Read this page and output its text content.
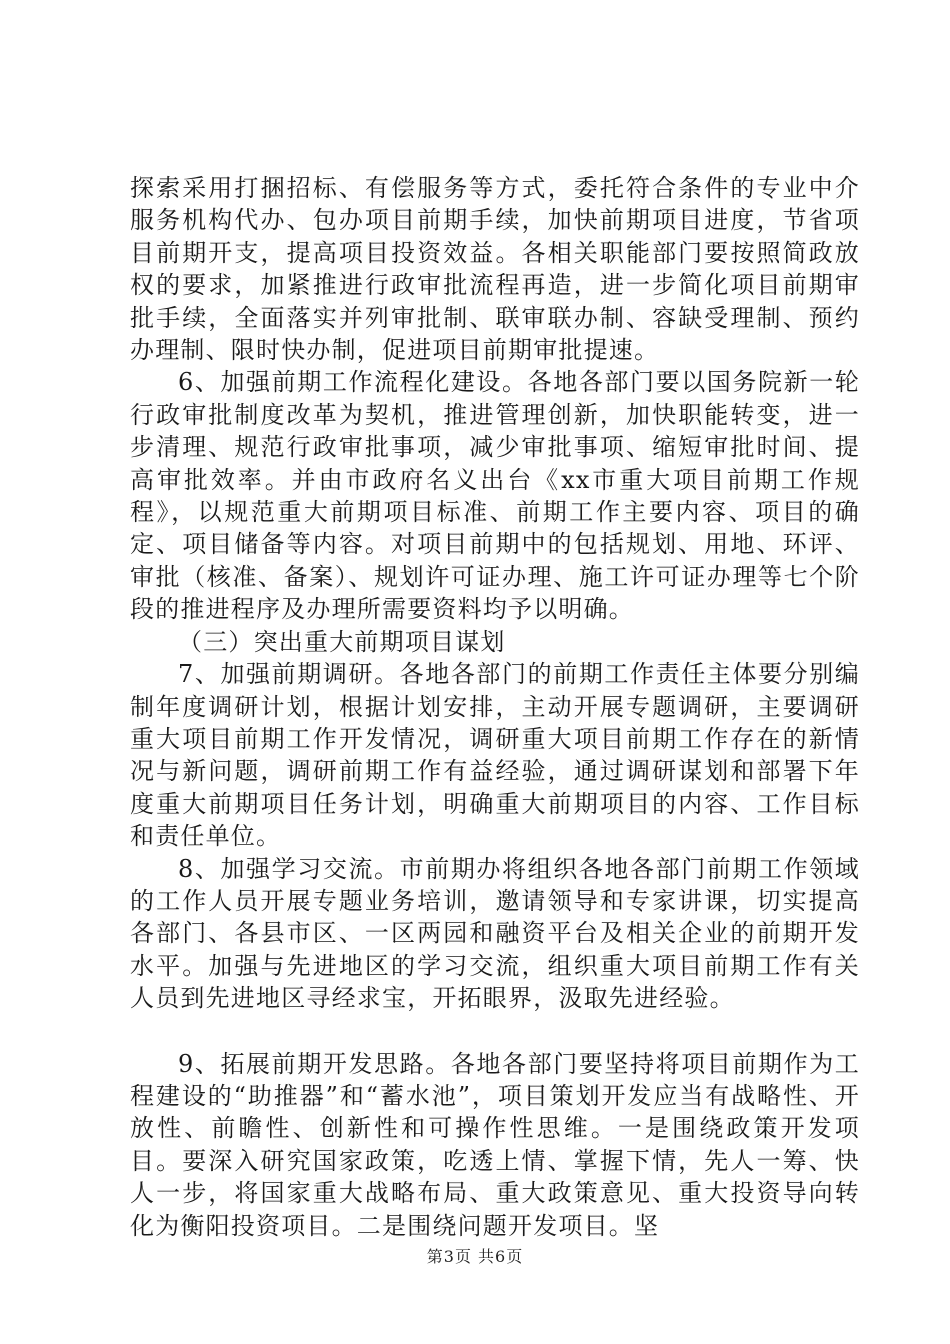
探索采用打捆招标、有偿服务等方式，委托符合条件的专业中介服务机构代办、包办项目前期手续，加快前期项目进度，节省项目前期开支，提高项目投资效益。各相关职能部门要按照简政放权的要求，加紧推进行政审批流程再造，进一步简化项目前期审批手续，全面落实并列审批制、联审联办制、容缺受理制、预约办理制、限时快办制，促进项目前期审批提速。

6、加强前期工作流程化建设。各地各部门要以国务院新一轮行政审批制度改革为契机，推进管理创新，加快职能转变，进一步清理、规范行政审批事项，减少审批事项、缩短审批时间、提高审批效率。并由市政府名义出台《xx市重大项目前期工作规程》，以规范重大前期项目标准、前期工作主要内容、项目的确定、项目储备等内容。对项目前期中的包括规划、用地、环评、审批（核准、备案）、规划许可证办理、施工许可证办理等七个阶段的推进程序及办理所需要资料均予以明确。

（三）突出重大前期项目谋划

7、加强前期调研。各地各部门的前期工作责任主体要分别编制年度调研计划，根据计划安排，主动开展专题调研，主要调研重大项目前期工作开发情况，调研重大项目前期工作存在的新情况与新问题，调研前期工作有益经验，通过调研谋划和部署下年度重大前期项目任务计划，明确重大前期项目的内容、工作目标和责任单位。

8、加强学习交流。市前期办将组织各地各部门前期工作领域的工作人员开展专题业务培训，邀请领导和专家讲课，切实提高各部门、各县市区、一区两园和融资平台及相关企业的前期开发水平。加强与先进地区的学习交流，组织重大项目前期工作有关人员到先进地区寻经求宝，开拓眼界，汲取先进经验。

9、拓展前期开发思路。各地各部门要坚持将项目前期作为工程建设的“助推器”和“蓄水池”，项目策划开发应当有战略性、开放性、前瞻性、创新性和可操作性思维。一是围绕政策开发项目。要深入研究国家政策，吃透上情、掌握下情，先人一筹、快人一步，将国家重大战略布局、重大政策意见、重大投资导向转化为衡阳投资项目。二是围绕问题开发项目。坚

第3页 共6页
